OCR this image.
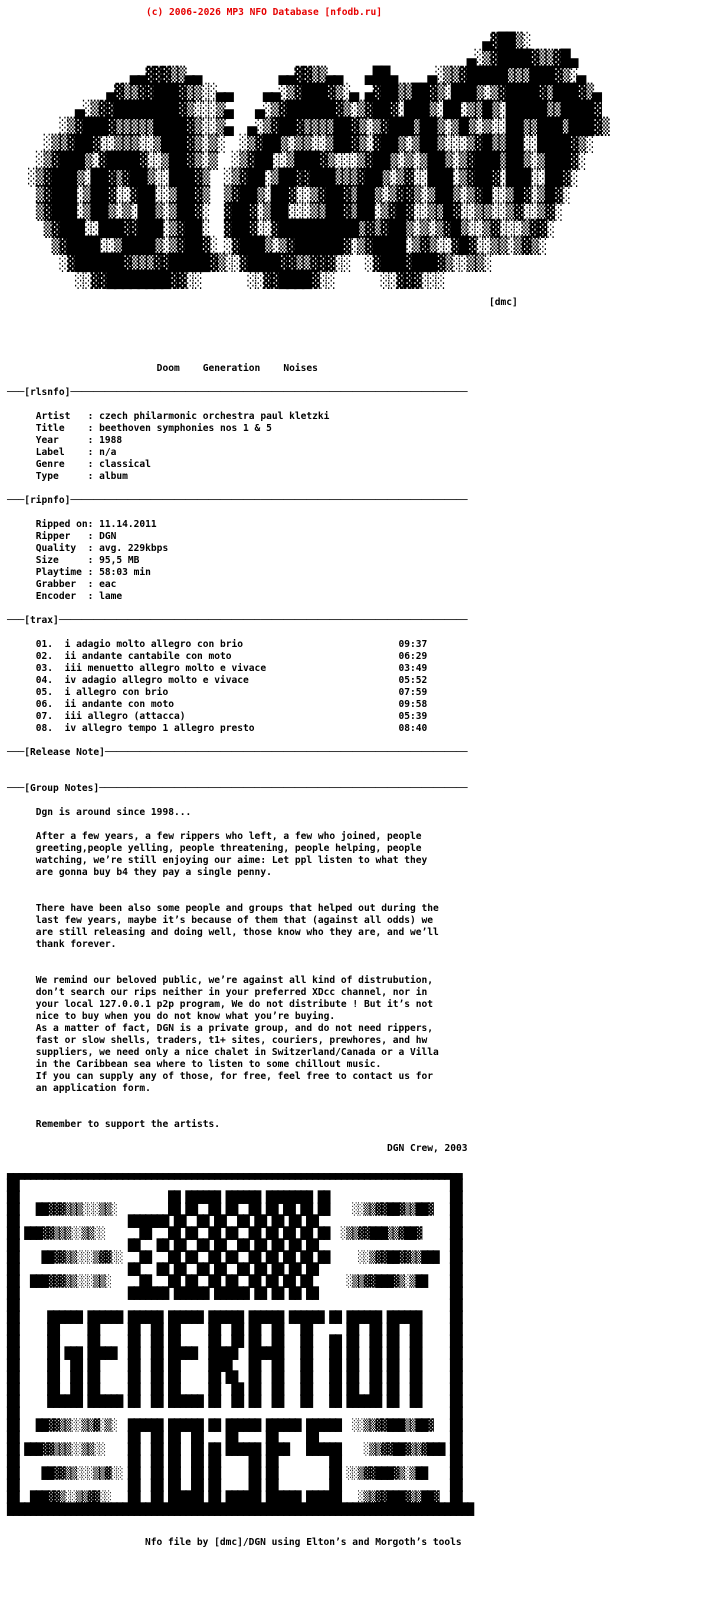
(c) 2006-2026 MP3 NFO Database [nfodb.ru]
▄▓██▒░
▄░▒▓████▓▒▒▓█▄
▄▄▓▓▓▒▒▄▄          ▄▄▓▓▒▒▄▄   ▄██▄    ▄░▒▒▓█████▒▒▒███▓▒░▄
▄▓▒▒▓▓███▓▒▒░░▄▄    ▄▄░▒▓███▓▒░▄ ▄▓██▒▒██▓▒░███▒░▒▓████▓▒███▓▒▄
▄░▒▓▓████████▓▒░░░▒▄   ▄░▒▓██████▓▒░▒▓██▓░███▒░██░▒▒█▒░█████▒▒████▓
░▒▓███▓▒▒▒▒▒████▓▒░░▒▄  ▄░▒▓██▓▒▒▒▒██▓▒░▒▓███▒██▒░▒█▒░▒░░██▒▒███▒███▓▒
░▒▒▓██▓░░▒▒▒░░▒███▓▒░▒░  ░▒▓██▒░▒▒░░▒██▓▒░▓██▒░▒██▒░░░▒▓█▒▒██░░████▓▒░
░▒▓███▒░▓████▓░░▒██▓▒░▒  ░▒▓██░░▒███▓▒░░░▒▓██▒░▒░▒██▒░▒▓███▒██▒░▒███▓░
░▒▓███▒░██▓▒▓██▒░░███▓▒  ░▒▓██░▒██▓▓███▒▒▒▓██▒░▒▓░░███░▒▓██▓░███░░██▓░
▒▓███░▒██▓░░▓██░░▒██▓▒  ▒▓██▒░██▓░░▒▓██▓▒██▒░▒▓▓▒░▒██▒░▒▓█░░▒█▓░▒█▓░
▒▓███░▒██▒░▒░██▒░▒██▓░  ▓██▓░▒██░░░▒▒██▓▒██░▒▓█▓░░▒▒█▓░░▒▒░░▒▓░░▒▓░
▒▓███░░███▓▓███░▒▓██░  ▓██▓░░▓██████████▒▓▒▓██▒░▒░▒▓█▒░░▒▓░░░▒▓▓░
▒▓████░░▒████▒░▒▓██▓░ ░▓███▒░▒▓██████▓░▒▓████░▒▓▒░░▓█▓░░▒▒░▒▓▒░
░▓██████▓▒▒▒▓▓█████▓▒░░▓████▓▓▒▒▓▓▓░░  ░▓███▓███▓▒░░▒▒░
░░▓▓████████▓▓░░      ░░▓▓████▓░░      ░░▓▓▓░░░
[dmc]
Doom    Generation    Noises

───[rlsnfo]─────────────────────────────────────────────────────────────────────

Artist   : czech philarmonic orchestra paul kletzki
Title    : beethoven symphonies nos 1 & 5
Year     : 1988
Label    : n/a
Genre    : classical
Type     : album

───[ripnfo]─────────────────────────────────────────────────────────────────────

Ripped on: 11.14.2011
Ripper   : DGN
Quality  : avg. 229kbps
Size     : 95,5 MB
Playtime : 58:03 min
Grabber  : eac
Encoder  : lame

───[trax]───────────────────────────────────────────────────────────────────────

01.  i adagio molto allegro con brio                           09:37
02.  ii andante cantabile con moto                             06:29
03.  iii menuetto allegro molto e vivace                       03:49
04.  iv adagio allegro molto e vivace                          05:52
05.  i allegro con brio                                        07:59
06.  ii andante con moto                                       09:58
07.  iii allegro (attacca)                                     05:39
08.  iv allegro tempo 1 allegro presto                         08:40

───[Release Note]───────────────────────────────────────────────────────────────

───[Group Notes]────────────────────────────────────────────────────────────────

Dgn is around since 1998...

After a few years, a few rippers who left, a few who joined, people
greeting,people yelling, people threatening, people helping, people
watching, we’re still enjoying our aime: Let ppl listen to what they
are gonna buy b4 they pay a single penny.

There have been also some people and groups that helped out during the
last few years, maybe it’s because of them that (against all odds) we
are still releasing and doing well, those know who they are, and we’ll
thank forever.

We remind our beloved public, we’re against all kind of distrubution,
don’t search our rips neither in your preferred XDcc channel, nor in
your local 127.0.0.1 p2p program, We do not distribute ! But it’s not
nice to buy when you do not know what you’re buying.
As a matter of fact, DGN is a private group, and do not need rippers,
fast or slow shells, traders, t1+ sites, couriers, prewhores, and hw
suppliers, we need only a nice chalet in Switzerland/Canada or a Villa
in the Caribbean sea where to listen to some chillout music.
If you can supply any of those, for free, feel free to contact us for
an application form.

Remember to support the artists.

DGN Crew, 2003
▄▄▄▄▄▄▄▄▄▄▄▄▄▄▄▄▄▄▄▄▄▄▄▄▄▄▄▄▄▄▄▄▄▄▄▄▄▄▄▄▄▄▄▄▄▄▄▄▄▄▄▄▄▄▄▄▄▄▄▄▄▄▄▄▄▄▄▄▄▄▄▄▄▄▄▄▄▄▄
██                                                                           ██
██                          ██ ██████ ██████ ████████ ██                     ██
██   ██▓▓▓▒▒▒░░░▒▒░         ██ ██  ██ ██  ██ ██ ██ ██ ██    ░░▒▒▓▓██▓▒▒██▓   ██
██                   ███████ ██  ██ ██  ██ ██ ██ ██ ██                       ██
██ ███▓▓▒▒▒░░▒▒░░      ██   ██ ██  ██ ██  ██ ██ ██ ██ ██  ░▒▒▓▓███▒▒▓██▓     ██
██                   ██   ██ ██  ██ ██  ██ ██ ██ ██ ██                       ██
██    ██▓▓▒▒░░░▒▓▓░░   ██   ██ ██  ██ ██  ██ ██ ██ ██ ██     ░░▒▓▓██▓▓▒▒███  ██
██                   ██   ██ ██  ██ ██  ██ ██ ██ ██ ██                       ██
██  ███▓▓▓▒▒░░░▒▒░     ██   ██ ██  ██ ██  ██ ██ ██ ██      ░▒▒▓▓███▓▒░▒██    ██
██                   ███████ ██████ ██████ ██ ██ ██ ██                       ██
██                                                                           ██
██     ██████ ██████ ██████ ██████ ██████ ██████ ██████ ██ ██████ ██████     ██
██     ██     ██     ██  ██ ██     ██  ██ ██  ██   ██      ██  ██ ██  ██     ██
██     ██     ██     ██  ██ ██     ██  ██ ██  ██   ██   ██ ██  ██ ██  ██     ██
██     ██ ███ █████  ██  ██ █████  █████  ██████   ██   ██ ██  ██ ██  ██     ██
██     ██  ██ ██     ██  ██ ██     ████   ██  ██   ██   ██ ██  ██ ██  ██     ██
██     ██  ██ ██     ██  ██ ██     ██ ██  ██  ██   ██   ██ ██  ██ ██  ██     ██
██     ██  ██ ██     ██  ██ ██     ██  ██ ██  ██   ██   ██ ██  ██ ██  ██     ██
██     ██████ ██████ ██  ██ ██████ ██  ██ ██  ██   ██   ██ ██████ ██  ██     ██
██                                                                           ██
██   ██▓▓▒▒░░▒▒▓░▒░  ██████ ██████ ██ ██████ ██████ ██████  ░░▒▒▓▓███▒▒██▓   ██
██                   ██  ██ ██  ██    ██     ██     ██                       ██
██ ███▓▓▒▒▒░░▒▒░░    ██  ██ ██  ██ ██ ██████ ████   ██████    ░▒▒▓▓██▓▒▒▓███ ██
██                   ██  ██ ██  ██ ██     ██ ██         ██                   ██
██    ██▓▓▒▒░░░▒▒▓░░ ██  ██ ██  ██ ██     ██ ██         ██ ░░▒▓▓███▓▒░▒██    ██
██                   ██  ██ ██  ██ ██     ██ ██         ██                   ██
██  ███▓▓▒░░▒▒▓▓░░   ██  ██ ██████ ██ ██████ ██████ ██████   ░▒▒▓▓███▓▒▒██▓  ██
█████████████████████████████████████████████████████████████████████████████████
Nfo file by [dmc]/DGN using Elton’s and Morgoth’s tools
